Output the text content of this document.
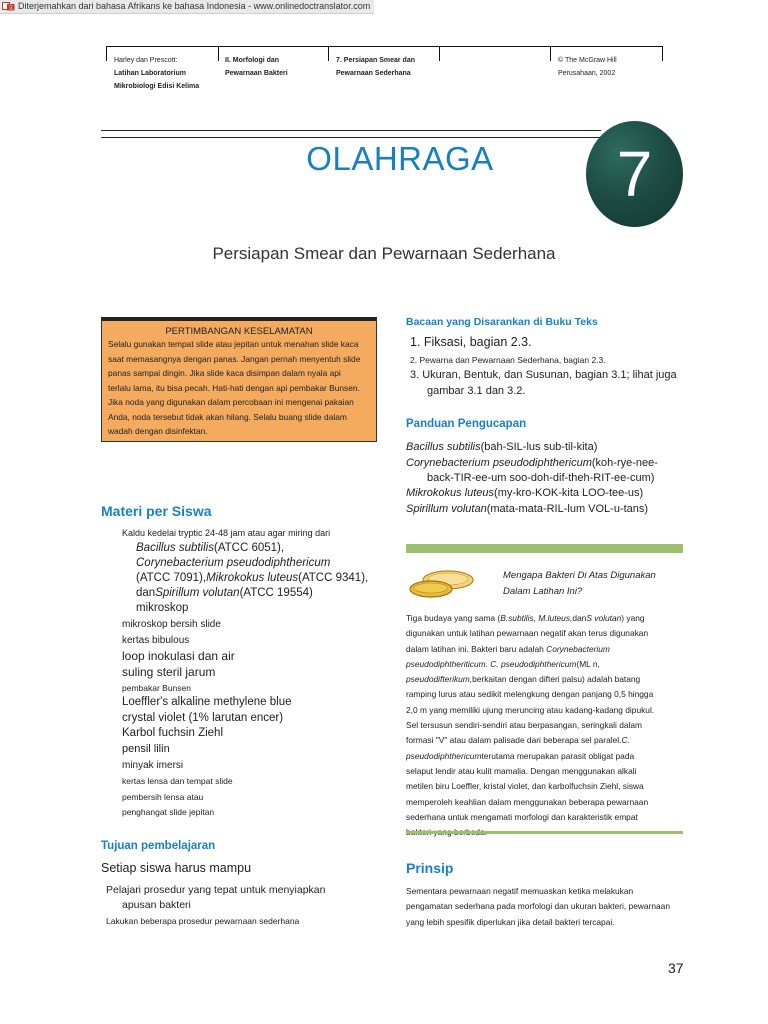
文 Diterjemahkan dari bahasa Afrikans ke bahasa Indonesia - www.onlinedoctranslator.com
Harley dan Prescott:
Latihan Laboratorium
Mikrobiologi Edisi Kelima
II. Morfologi dan
Pewarnaan Bakteri
7. Persiapan Smear dan
Pewarnaan Sederhana
© The McGraw Hill
Perusahaan, 2002
OLAHRAGA	7
Persiapan Smear dan Pewarnaan Sederhana
PERTIMBANGAN KESELAMATAN
Selalu gunakan tempat slide atau jepitan untuk menahan slide kaca
saat memasangnya dengan panas. Jangan pernah menyentuh slide
panas sampai dingin. Jika slide kaca disimpan dalam nyala api
terlalu lama, itu bisa pecah. Hati-hati dengan api pembakar Bunsen.
Jika noda yang digunakan dalam percobaan ini mengenai pakaian
Anda, noda tersebut tidak akan hilang. Selalu buang slide dalam
wadah dengan disinfektan.
Materi per Siswa
Kaldu kedelai tryptic 24-48 jam atau agar miring dari
Bacillus subtilis(ATCC 6051),
Corynebacterium pseudodiphthericum
(ATCC 7091),Mikrokokus luteus(ATCC 9341),
danSpirillum volutan(ATCC 19554)
mikroskop
mikroskop bersih slide
kertas bibulous
loop inokulasi dan air
suling steril jarum
pembakar Bunsen
Loeffler's alkaline methylene blue
crystal violet (1% larutan encer)
Karbol fuchsin Ziehl
pensil lilin
minyak imersi
kertas lensa dan tempat slide
pembersih lensa atau
penghangat slide jepitan
Tujuan pembelajaran
Setiap siswa harus mampu
Pelajari prosedur yang tepat untuk menyiapkan
apusan bakteri
Lakukan beberapa prosedur pewarnaan sederhana
Bacaan yang Disarankan di Buku Teks
1. Fiksasi, bagian 2.3.
2. Pewarna dan Pewarnaan Sederhana, bagian 2.3.
3. Ukuran, Bentuk, dan Susunan, bagian 3.1; lihat juga
gambar 3.1 dan 3.2.
Panduan Pengucapan
Bacillus subtilis(bah-SIL-lus sub-til-kita)
Corynebacterium pseudodiphthericum(koh-rye-nee-
back-TIR-ee-um soo-doh-dif-theh-RIT-ee-cum)
Mikrokokus luteus(my-kro-KOK-kita LOO-tee-us)
Spirillum volutan(mata-mata-RIL-lum VOL-u-tans)
Mengapa Bakteri Di Atas Digunakan
Dalam Latihan Ini?
Tiga budaya yang sama (B.subtilis, M.luteus,danS volutan) yang
digunakan untuk latihan pewarnaan negatif akan terus digunakan
dalam latihan ini. Bakteri baru adalah Corynebacterium
pseudodiphtheriticum. C. pseudodiphthericum(ML n,
pseudodifterikum,berkaitan dengan difteri palsu) adalah batang
ramping lurus atau sedikit melengkung dengan panjang 0,5 hingga
2,0 m yang memiliki ujung meruncing atau kadang-kadang dipukul.
Sel tersusun sendiri-sendiri atau berpasangan, seringkali dalam
formasi "V" atau dalam palisade dari beberapa sel paralel.C.
pseudodiphthericumterutama merupakan parasit obligat pada
selaput lendir atau kulit mamalia. Dengan menggunakan alkali
metilen biru Loeffler, kristal violet, dan karbolfuchsin Ziehl, siswa
memperoleh keahlian dalam menggunakan beberapa pewarnaan
sederhana untuk mengamati morfologi dan karakteristik empat
Prinsip
Sementara pewarnaan negatif memuaskan ketika melakukan
pengamatan sederhana pada morfologi dan ukuran bakteri, pewarnaan
yang lebih spesifik diperlukan jika detail bakteri tercapai.
37
